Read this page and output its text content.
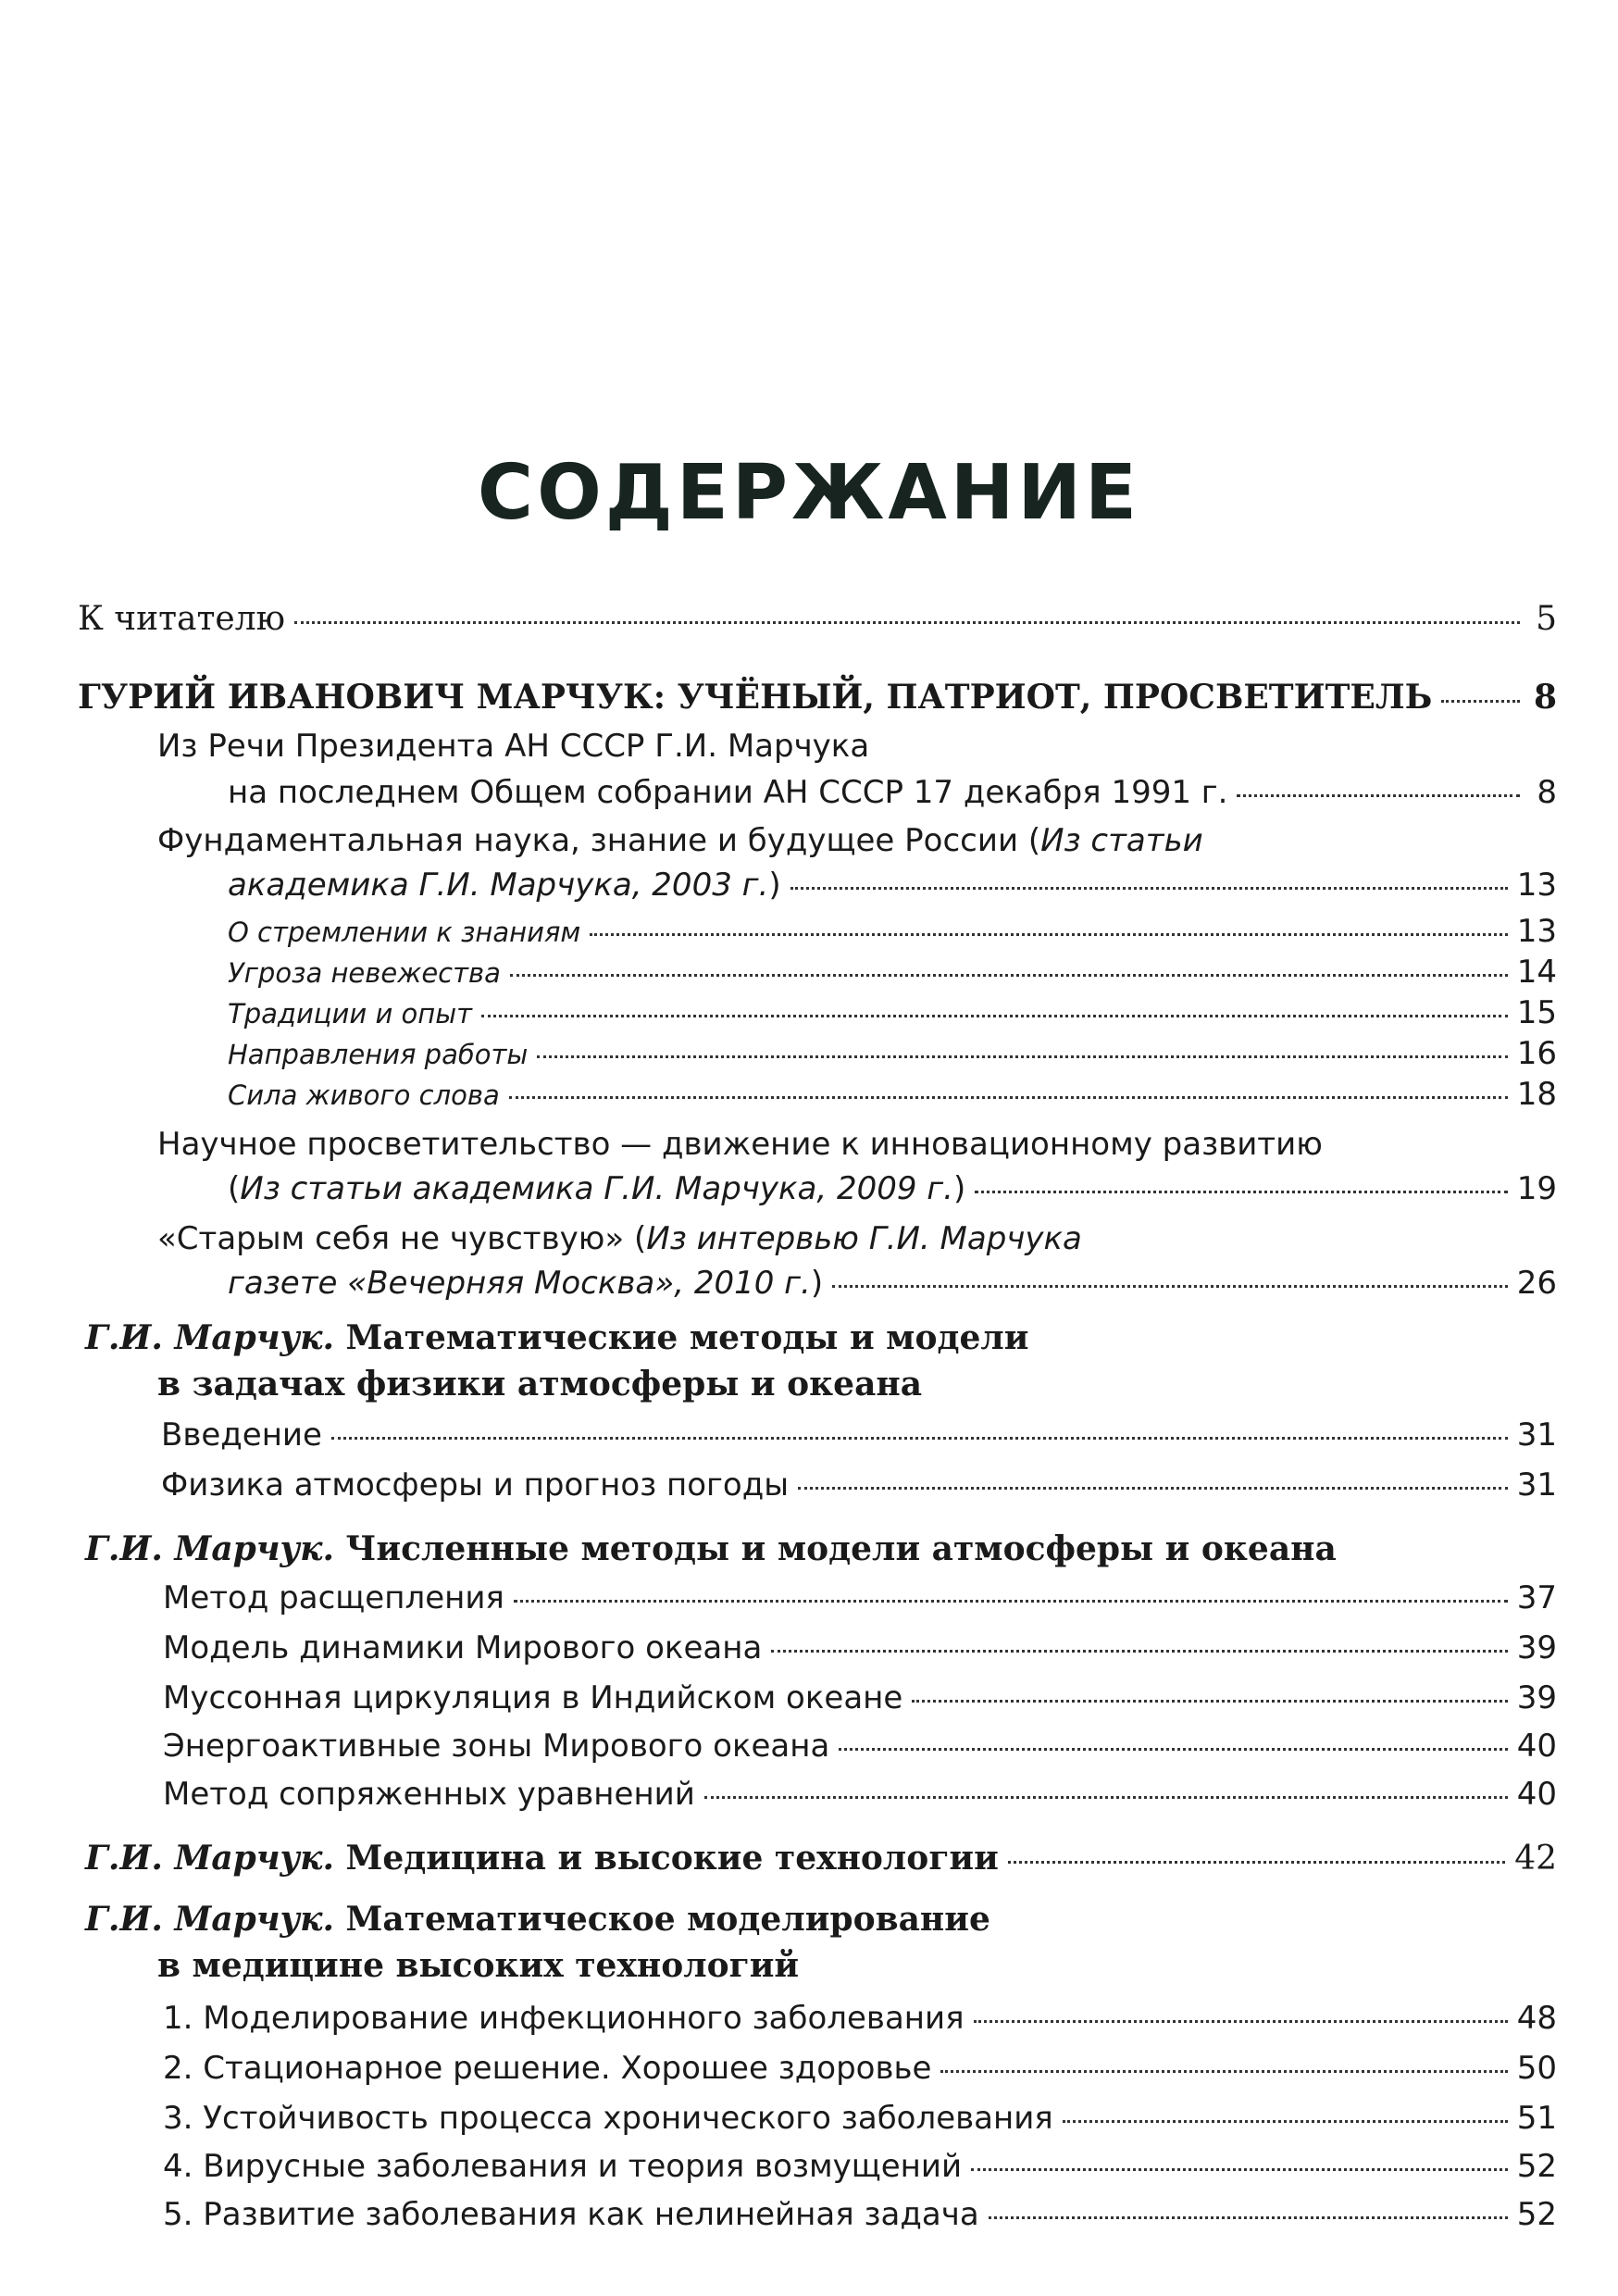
СОДЕРЖАНИЕ
К читателю	5
ГУРИЙ ИВАНОВИЧ МАРЧУК: УЧЁНЫЙ, ПАТРИОТ, ПРОСВЕТИТЕЛЬ	8
Из Речи Президента АН СССР Г.И. Марчука
на последнем Общем собрании АН СССР 17 декабря 1991 г.	8
Фундаментальная наука, знание и будущее России (Из статьи
академика Г.И. Марчука, 2003 г.)	13
О стремлении к знаниям	13
Угроза невежества	14
Традиции и опыт	15
Направления работы	16
Сила живого слова	18
Научное просветительство — движение к инновационному развитию
(Из статьи академика Г.И. Марчука, 2009 г.)	19
«Старым себя не чувствую» (Из интервью Г.И. Марчука
газете «Вечерняя Москва», 2010 г.)	26
Г.И. Марчук. Математические методы и модели
в задачах физики атмосферы и океана
Введение	31
Физика атмосферы и прогноз погоды	31
Г.И. Марчук. Численные методы и модели атмосферы и океана
Метод расщепления	37
Модель динамики Мирового океана	39
Муссонная циркуляция в Индийском океане	39
Энергоактивные зоны Мирового океана	40
Метод сопряженных уравнений	40
Г.И. Марчук. Медицина и высокие технологии	42
Г.И. Марчук. Математическое моделирование
в медицине высоких технологий
1. Моделирование инфекционного заболевания	48
2. Стационарное решение. Хорошее здоровье	50
3. Устойчивость процесса хронического заболевания	51
4. Вирусные заболевания и теория возмущений	52
5. Развитие заболевания как нелинейная задача	52
